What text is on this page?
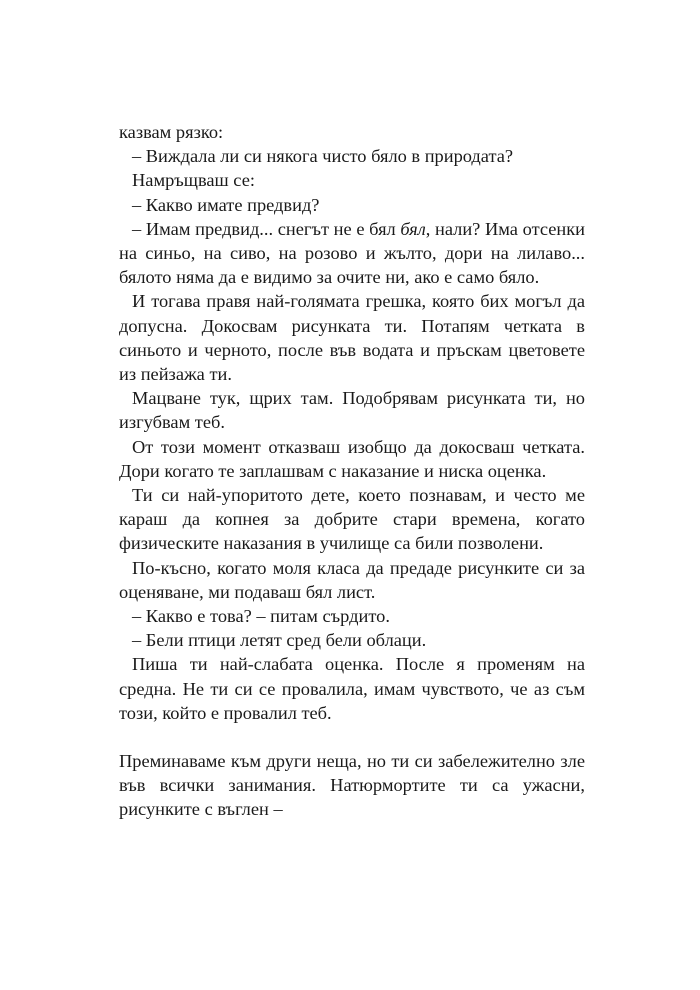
казвам рязко:

– Виждала ли си някога чисто бяло в природата?

Намръщваш се:

– Какво имате предвид?

– Имам предвид... снегът не е бял бял, нали? Има отсенки на синьо, на сиво, на розово и жълто, дори на лилаво... бялото няма да е видимо за очите ни, ако е само бяло.

И тогава правя най-голямата грешка, която бих могъл да допусна. Докосвам рисунката ти. Потапям четката в синьото и черното, после във водата и пръскам цветовете из пейзажа ти.

Мацване тук, щрих там. Подобрявам рисунката ти, но изгубвам теб.

От този момент отказваш изобщо да докосваш четката. Дори когато те заплашвам с наказание и ниска оценка.

Ти си най-упоритото дете, което познавам, и често ме караш да копнея за добрите стари времена, когато физическите наказания в училище са били позволени.

По-късно, когато моля класа да предаде рисунките си за оценяване, ми подаваш бял лист.

– Какво е това? – питам сърдито.

– Бели птици летят сред бели облаци.

Пиша ти най-слабата оценка. После я променям на средна. Не ти си се провалила, имам чувството, че аз съм този, който е провалил теб.

Преминаваме към други неща, но ти си забележително зле във всички занимания. Натюрмортите ти са ужасни, рисунките с въглен –
